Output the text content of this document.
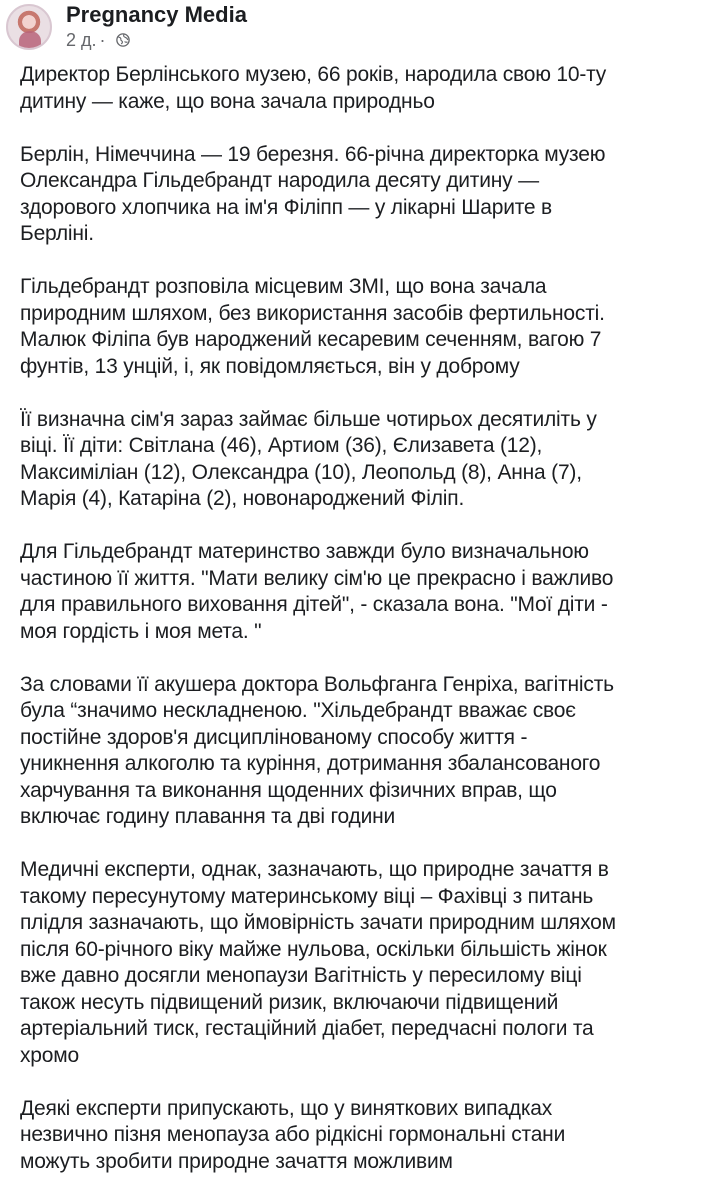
Pregnancy Media
2 д. ·

Директор Берлінського музею, 66 років, народила свою 10-ту
дитину — каже, що вона зачала природньо

Берлін, Німеччина — 19 березня. 66-річна директорка музею
Олександра Гільдебрандт народила десяту дитину —
здорового хлопчика на ім'я Філіпп — у лікарні Шарите в
Берліні.

Гільдебрандт розповіла місцевим ЗМІ, що вона зачала
природним шляхом, без використання засобів фертильності.
Малюк Філіпа був народжений кесаревим сеченням, вагою 7
фунтів, 13 унцій, і, як повідомляється, він у доброму

Її визначна сім'я зараз займає більше чотирьох десятиліть у
віці. Її діти: Світлана (46), Артиом (36), Єлизавета (12),
Максиміліан (12), Олександра (10), Леопольд (8), Анна (7),
Марія (4), Катаріна (2), новонароджений Філіп.

Для Гільдебрандт материнство завжди було визначальною
частиною її життя. "Мати велику сім'ю це прекрасно і важливо
для правильного виховання дітей", - сказала вона. "Мої діти -
моя гордість і моя мета. "

За словами її акушера доктора Вольфганга Генріха, вагітність
була “значимо нескладненою. "Хільдебрандт вважає своє
постійне здоров'я дисциплінованому способу життя -
уникнення алкоголю та куріння, дотримання збалансованого
харчування та виконання щоденних фізичних вправ, що
включає годину плавання та дві години

Медичні експерти, однак, зазначають, що природне зачаття в
такому пересунутому материнському віці – Фахівці з питань
плідля зазначають, що ймовірність зачати природним шляхом
після 60-річного віку майже нульова, оскільки більшість жінок
вже давно досягли менопаузи Вагітність у пересилому віці
також несуть підвищений ризик, включаючи підвищений
артеріальний тиск, гестаційний діабет, передчасні пологи та
хромо

Деякі експерти припускають, що у виняткових випадках
незвично пізня менопауза або рідкісні гормональні стани
можуть зробити природне зачаття можливим
